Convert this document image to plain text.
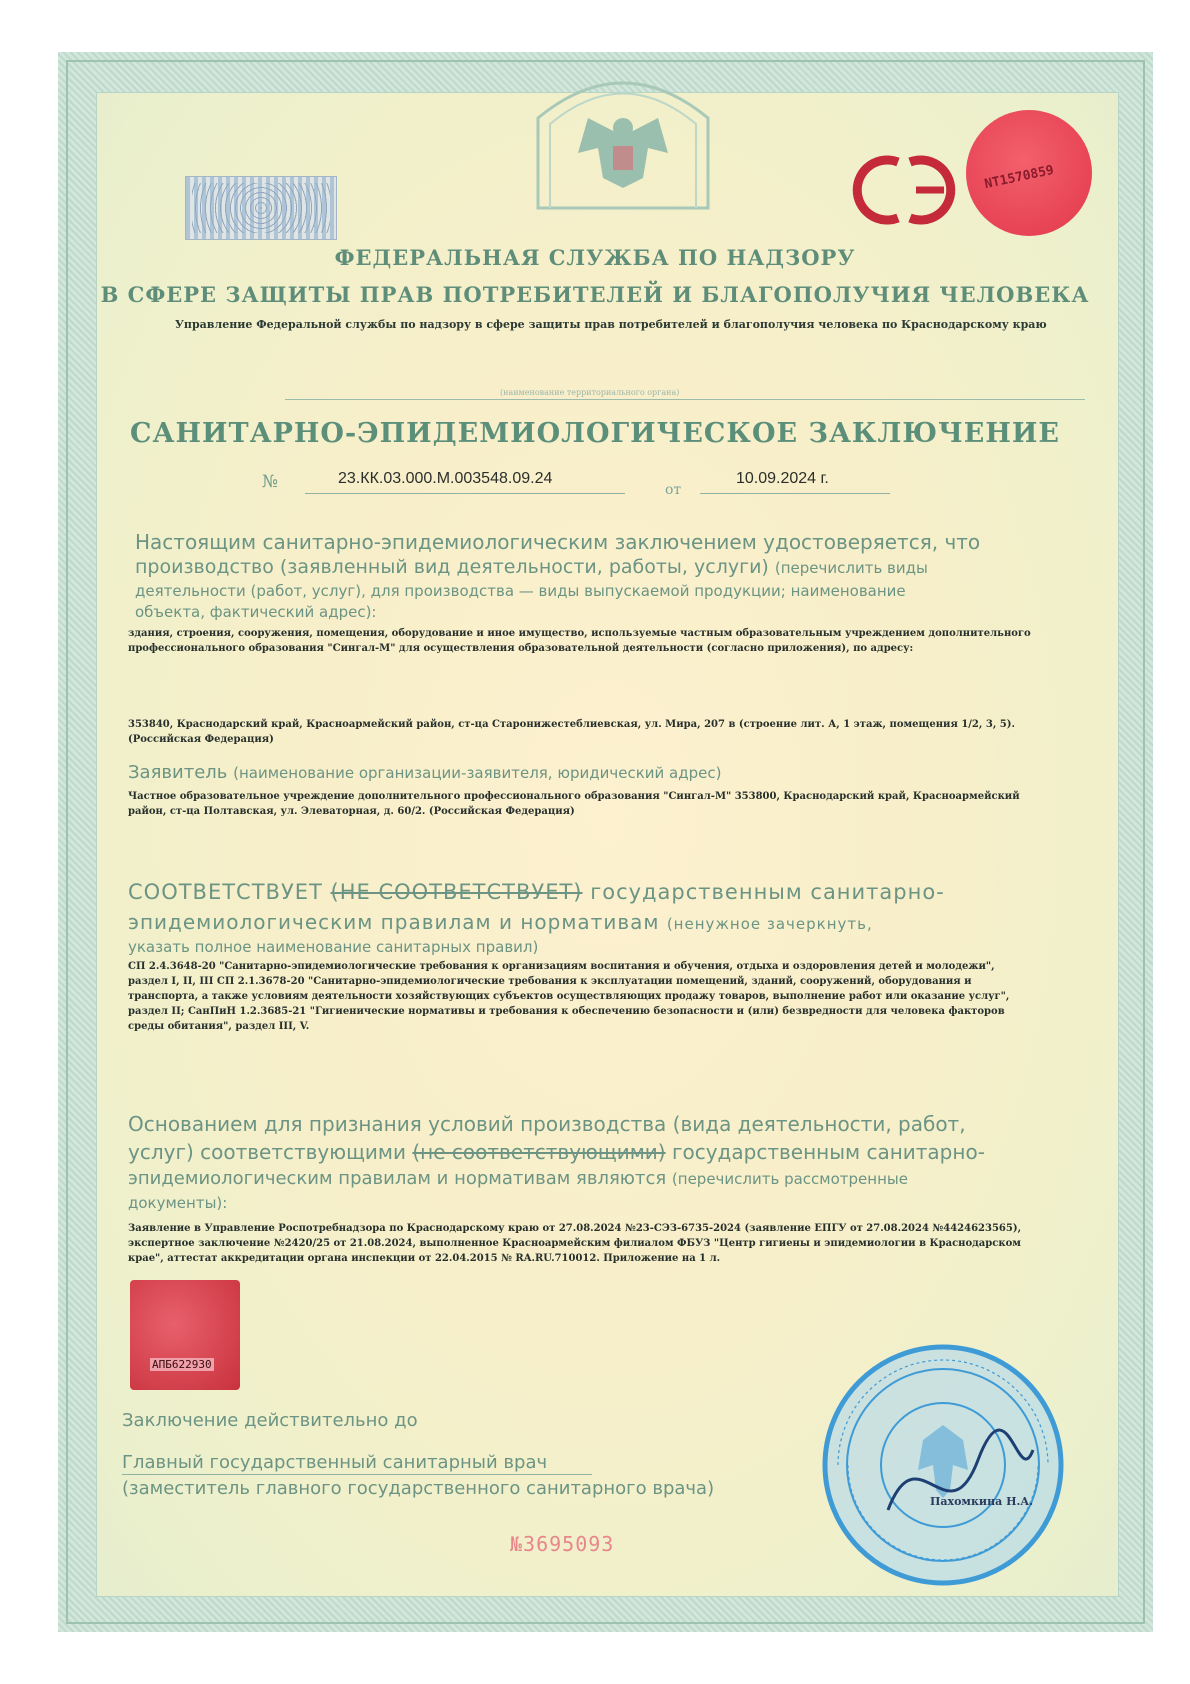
NT1570859
ФЕДЕРАЛЬНАЯ СЛУЖБА ПО НАДЗОРУ
В СФЕРЕ ЗАЩИТЫ ПРАВ ПОТРЕБИТЕЛЕЙ И БЛАГОПОЛУЧИЯ ЧЕЛОВЕКА
Управление Федеральной службы по надзору в сфере защиты прав потребителей и благополучия человека по Краснодарскому краю
(наименование территориального органа)
САНИТАРНО-ЭПИДЕМИОЛОГИЧЕСКОЕ ЗАКЛЮЧЕНИЕ
№	23.КК.03.000.М.003548.09.24
от
10.09.2024 г.
Настоящим санитарно-эпидемиологическим заключением удостоверяется, что
производство (заявленный вид деятельности, работы, услуги) (перечислить виды
деятельности (работ, услуг), для производства — виды выпускаемой продукции; наименование
объекта, фактический адрес):
здания, строения, сооружения, помещения, оборудование и иное имущество, используемые частным образовательным учреждением дополнительного
профессионального образования "Сингал-М" для осуществления образовательной деятельности (согласно приложения), по адресу:
353840, Краснодарский край, Красноармейский район, ст-ца Старонижестеблиевская, ул. Мира, 207 в (строение лит. А, 1 этаж, помещения 1/2, 3, 5).
(Российская Федерация)
Заявитель (наименование организации-заявителя, юридический адрес)
Частное образовательное учреждение дополнительного профессионального образования "Сингал-М" 353800, Краснодарский край, Красноармейский
район, ст-ца Полтавская, ул. Элеваторная, д. 60/2. (Российская Федерация)
СООТВЕТСТВУЕТ (НЕ СООТВЕТСТВУЕТ) государственным санитарно-
эпидемиологическим правилам и нормативам (ненужное зачеркнуть,
указать полное наименование санитарных правил)
СП 2.4.3648-20 "Санитарно-эпидемиологические требования к организациям воспитания и обучения, отдыха и оздоровления детей и молодежи",
раздел I, II, III СП 2.1.3678-20 "Санитарно-эпидемиологические требования к эксплуатации помещений, зданий, сооружений, оборудования и
транспорта, а также условиям деятельности хозяйствующих субъектов осуществляющих продажу товаров, выполнение работ или оказание услуг",
раздел II; СанПиН 1.2.3685-21 "Гигиенические нормативы и требования к обеспечению безопасности и (или) безвредности для человека факторов
среды обитания", раздел III, V.
Основанием для признания условий производства (вида деятельности, работ,
услуг) соответствующими (не соответствующими) государственным санитарно-
эпидемиологическим правилам и нормативам являются (перечислить рассмотренные
документы):
Заявление в Управление Роспотребнадзора по Краснодарскому краю от 27.08.2024 №23-СЭЗ-6735-2024 (заявление ЕПГУ от 27.08.2024 №4424623565),
экспертное заключение №2420/25 от 21.08.2024, выполненное Красноармейским филиалом ФБУЗ "Центр гигиены и эпидемиологии в Краснодарском
крае", аттестат аккредитации органа инспекции от 22.04.2015 № RA.RU.710012. Приложение на 1 л.
АПБ622930
Заключение действительно до
Главный государственный санитарный врач
(заместитель главного государственного санитарного врача)
Пахомкина Н.А.
№3695093
